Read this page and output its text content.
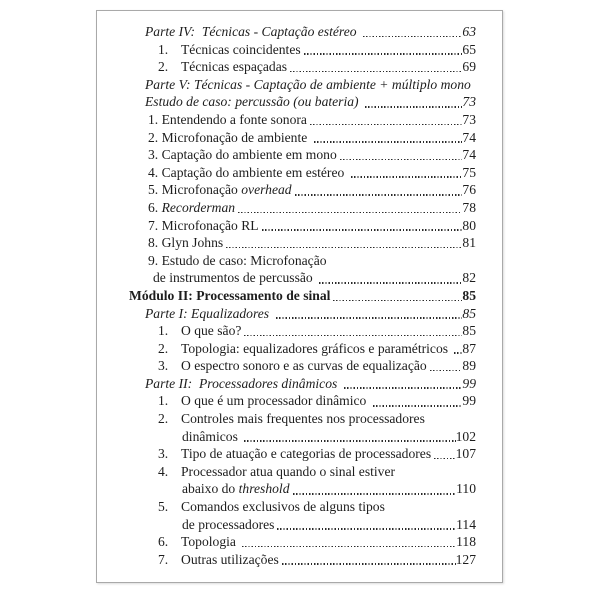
Parte IV:  Técnicas - Captação estéreo	63
1. Técnicas coincidentes	65
2. Técnicas espaçadas	69
Parte V: Técnicas - Captação de ambiente + múltiplo mono
Estudo de caso: percussão (ou bateria)	73
1. Entendendo a fonte sonora	73
2. Microfonação de ambiente	74
3. Captação do ambiente em mono	74
4. Captação do ambiente em estéreo	75
5. Microfonação overhead	76
6. Recorderman	78
7. Microfonação RL	80
8. Glyn Johns	81
9. Estudo de caso: Microfonação
de instrumentos de percussão	82
Módulo II: Processamento de sinal	85
Parte I: Equalizadores	85
1. O que são?	85
2. Topologia: equalizadores gráficos e paramétricos 87
3. O espectro sonoro e as curvas de equalização	89
Parte II:  Processadores dinâmicos	99
1. O que é um processador dinâmico	99
2. Controles mais frequentes nos processadores
dinâmicos	102
3. Tipo de atuação e categorias de processadores 107
4. Processador atua quando o sinal estiver
abaixo do threshold	110
5. Comandos exclusivos de alguns tipos
de processadores	114
6. Topologia	118
7. Outras utilizações	127
